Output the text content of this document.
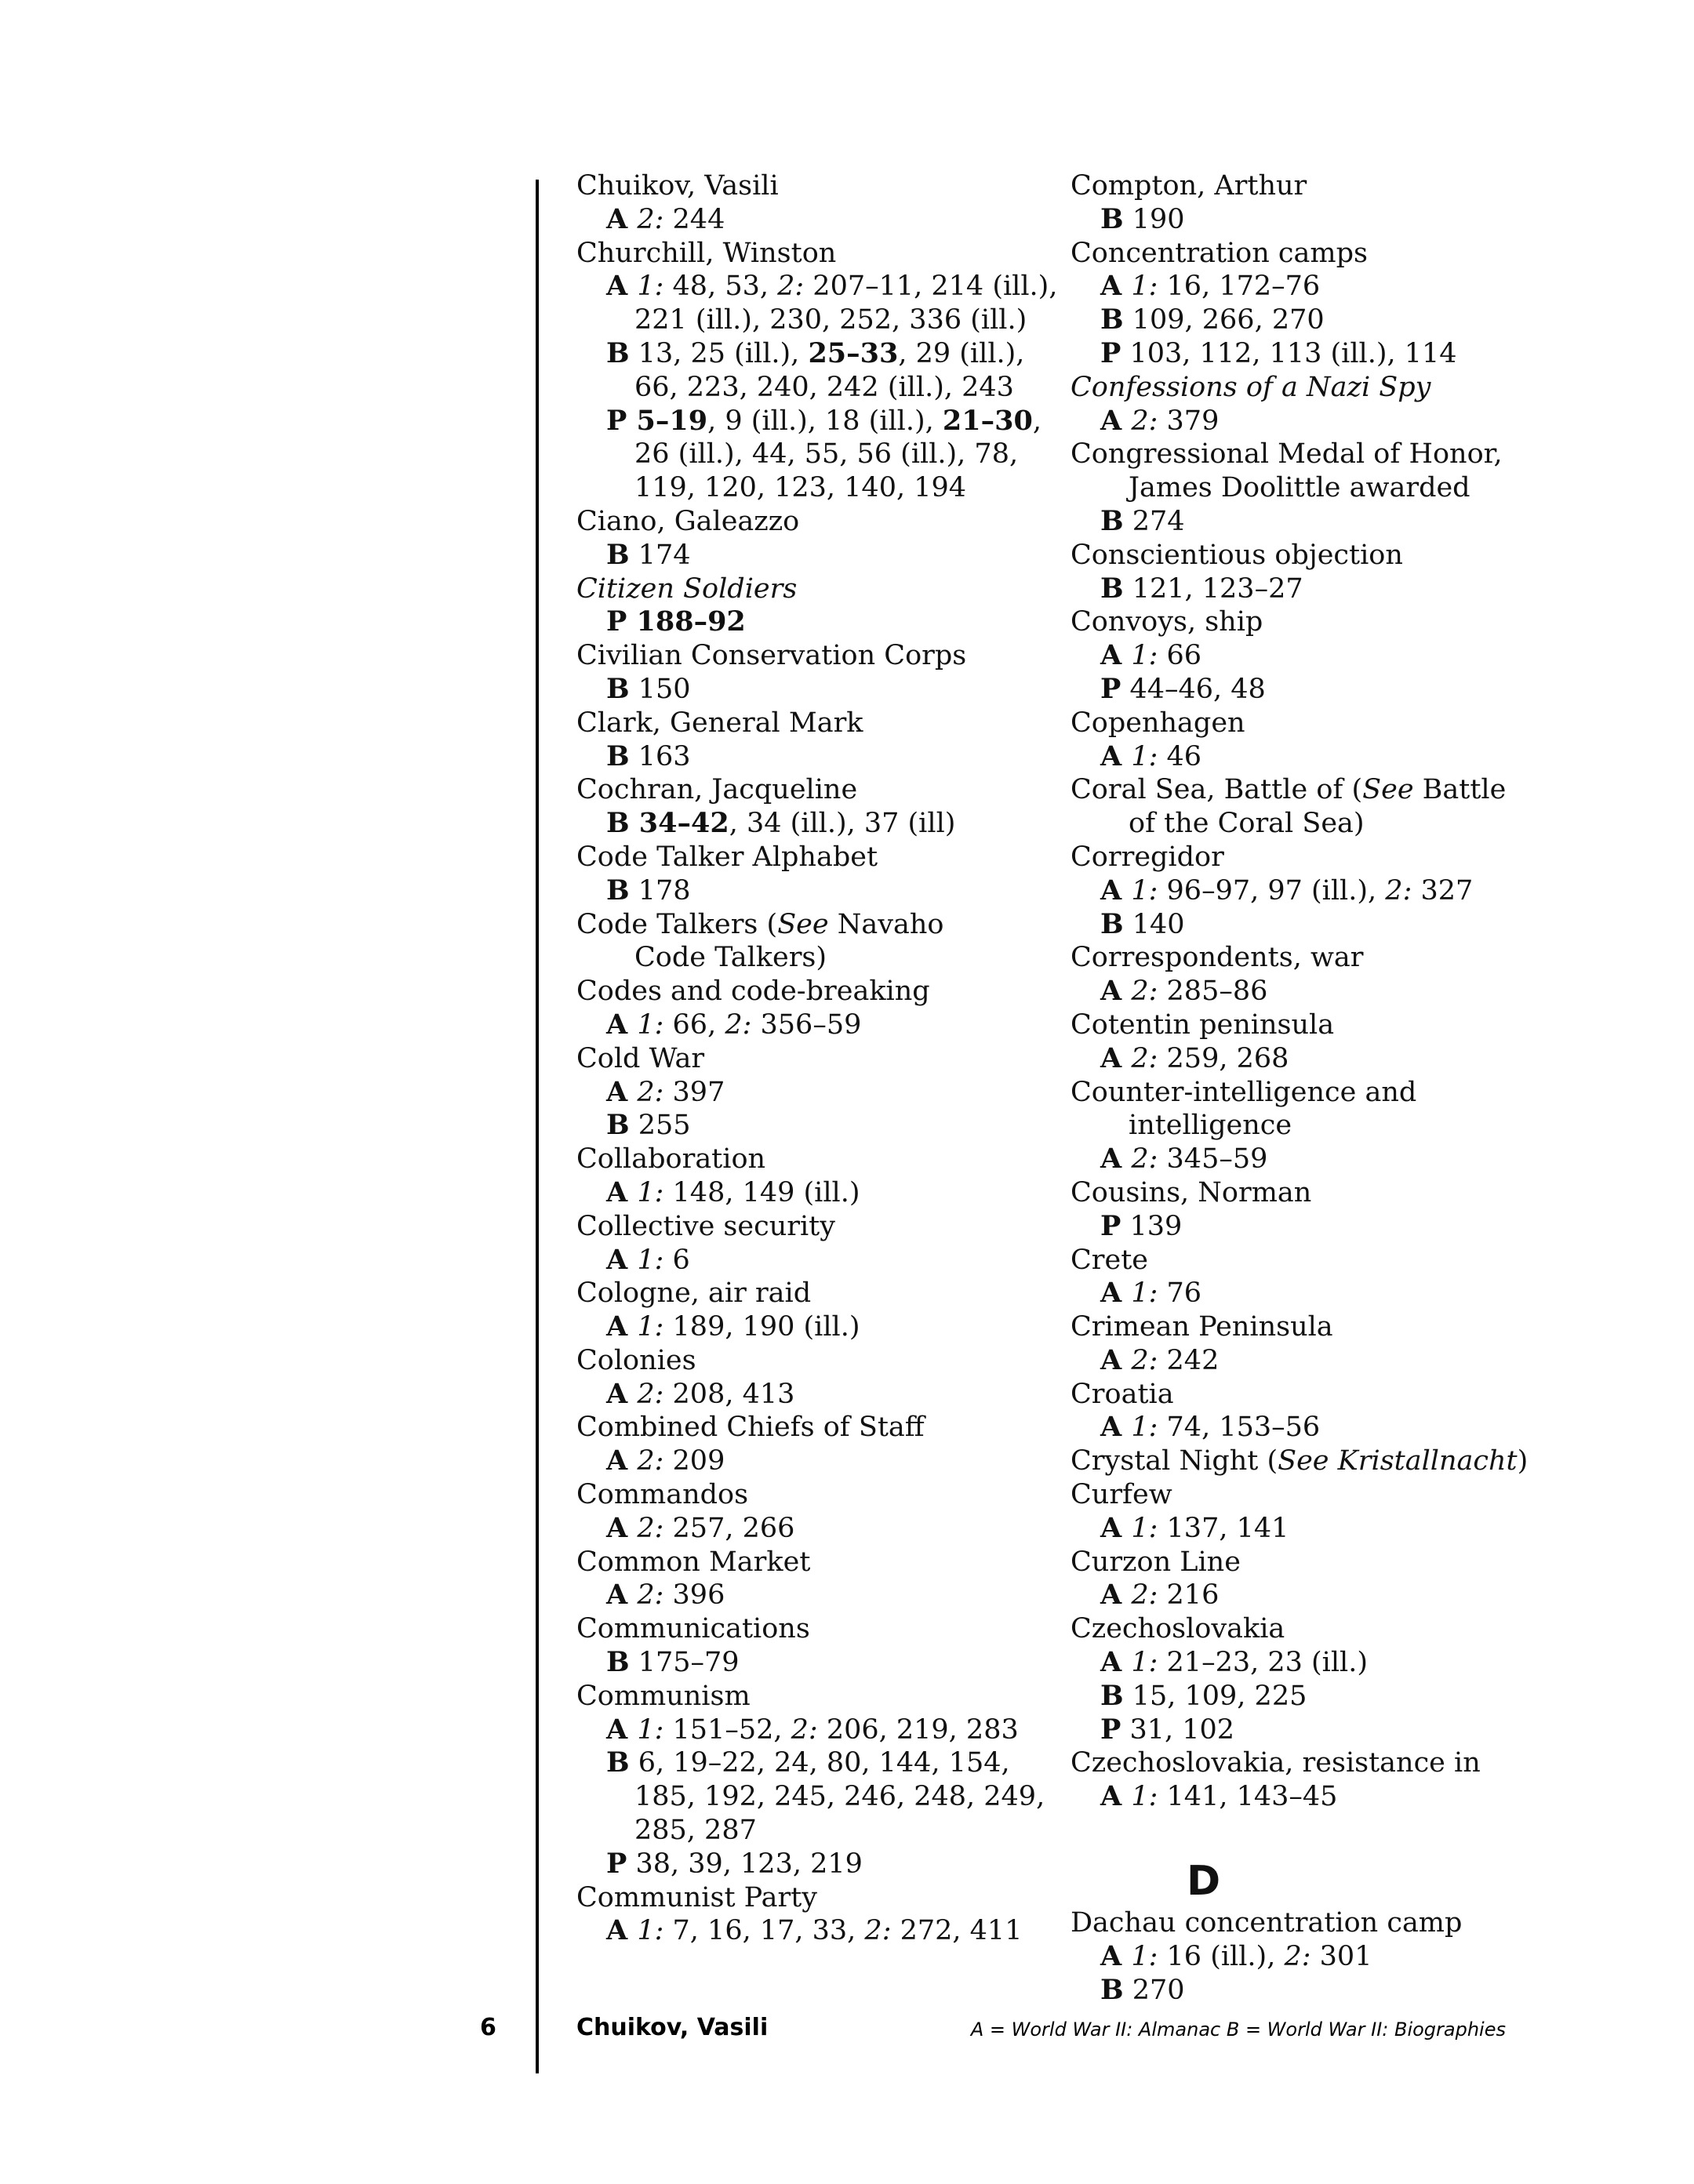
Chuikov, Vasili
A 2: 244
Churchill, Winston
A 1: 48, 53, 2: 207–11, 214 (ill.),
221 (ill.), 230, 252, 336 (ill.)
B 13, 25 (ill.), 25–33, 29 (ill.),
66, 223, 240, 242 (ill.), 243
P 5–19, 9 (ill.), 18 (ill.), 21–30,
26 (ill.), 44, 55, 56 (ill.), 78,
119, 120, 123, 140, 194
Ciano, Galeazzo
B 174
Citizen Soldiers
P 188–92
Civilian Conservation Corps
B 150
Clark, General Mark
B 163
Cochran, Jacqueline
B 34–42, 34 (ill.), 37 (ill)
Code Talker Alphabet
B 178
Code Talkers (See Navaho
Code Talkers)
Codes and code-breaking
A 1: 66, 2: 356–59
Cold War
A 2: 397
B 255
Collaboration
A 1: 148, 149 (ill.)
Collective security
A 1: 6
Cologne, air raid
A 1: 189, 190 (ill.)
Colonies
A 2: 208, 413
Combined Chiefs of Staff
A 2: 209
Commandos
A 2: 257, 266
Common Market
A 2: 396
Communications
B 175–79
Communism
A 1: 151–52, 2: 206, 219, 283
B 6, 19–22, 24, 80, 144, 154,
185, 192, 245, 246, 248, 249,
285, 287
P 38, 39, 123, 219
Communist Party
A 1: 7, 16, 17, 33, 2: 272, 411
Compton, Arthur
B 190
Concentration camps
A 1: 16, 172–76
B 109, 266, 270
P 103, 112, 113 (ill.), 114
Confessions of a Nazi Spy
A 2: 379
Congressional Medal of Honor,
James Doolittle awarded
B 274
Conscientious objection
B 121, 123–27
Convoys, ship
A 1: 66
P 44–46, 48
Copenhagen
A 1: 46
Coral Sea, Battle of (See Battle
of the Coral Sea)
Corregidor
A 1: 96–97, 97 (ill.), 2: 327
B 140
Correspondents, war
A 2: 285–86
Cotentin peninsula
A 2: 259, 268
Counter-intelligence and
intelligence
A 2: 345–59
Cousins, Norman
P 139
Crete
A 1: 76
Crimean Peninsula
A 2: 242
Croatia
A 1: 74, 153–56
Crystal Night (See Kristallnacht)
Curfew
A 1: 137, 141
Curzon Line
A 2: 216
Czechoslovakia
A 1: 21–23, 23 (ill.)
B 15, 109, 225
P 31, 102
Czechoslovakia, resistance in
A 1: 141, 143–45
D
Dachau concentration camp
A 1: 16 (ill.), 2: 301
B 270
6	Chuikov, Vasili	A = World War II: Almanac B = World War II: Biographies
